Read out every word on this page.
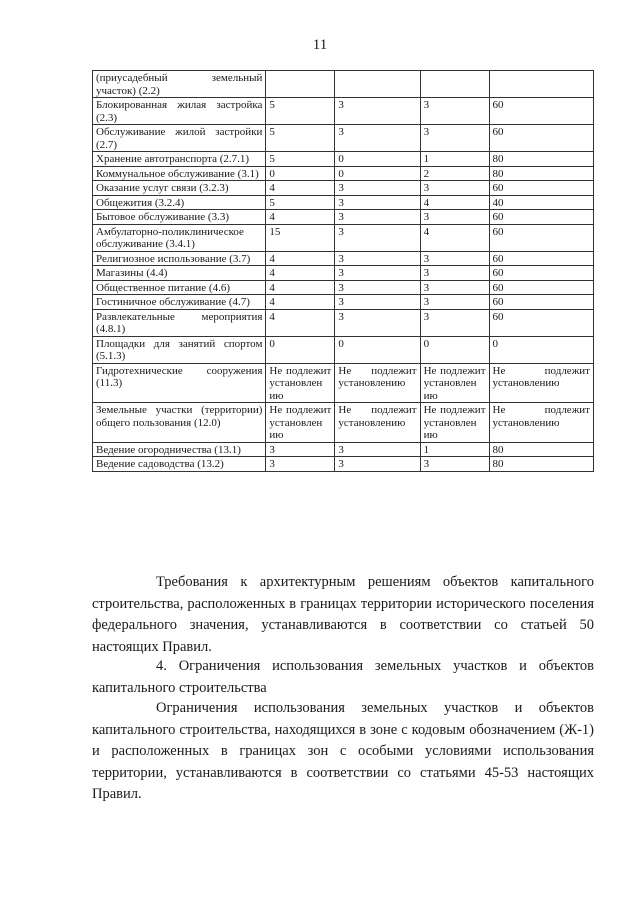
11
(приусадебный земельный участок) (2.2)				
Блокированная жилая застройка (2.3)	5	3	3	60
Обслуживание жилой застройки (2.7)	5	3	3	60
Хранение автотранспорта (2.7.1)	5	0	1	80
Коммунальное обслуживание (3.1)	0	0	2	80
Оказание услуг связи (3.2.3)	4	3	3	60
Общежития (3.2.4)	5	3	4	40
Бытовое обслуживание (3.3)	4	3	3	60
Амбулаторно-поликлиническое обслуживание (3.4.1)	15	3	4	60
Религиозное использование (3.7)	4	3	3	60
Магазины (4.4)	4	3	3	60
Общественное питание (4.6)	4	3	3	60
Гостиничное обслуживание (4.7)	4	3	3	60
Развлекательные мероприятия (4.8.1)	4	3	3	60
Площадки для занятий спортом (5.1.3)	0	0	0	0
Гидротехнические сооружения (11.3)	Не подлежит установлен ию	Не подлежит установлению	Не подлежит установлен ию	Не подлежит установлению
Земельные участки (территории) общего пользования (12.0)	Не подлежит установлен ию	Не подлежит установлению	Не подлежит установлен ию	Не подлежит установлению
Ведение огородничества (13.1)	3	3	1	80
Ведение садоводства (13.2)	3	3	3	80

Требования к архитектурным решениям объектов капитального строительства, расположенных в границах территории исторического поселения федерального значения, устанавливаются в соответствии со статьей 50 настоящих Правил.

4. Ограничения использования земельных участков и объектов капитального строительства

Ограничения использования земельных участков и объектов капитального строительства, находящихся в зоне с кодовым обозначением (Ж-1) и расположенных в границах зон с особыми условиями использования территории, устанавливаются в соответствии со статьями 45-53 настоящих Правил.
